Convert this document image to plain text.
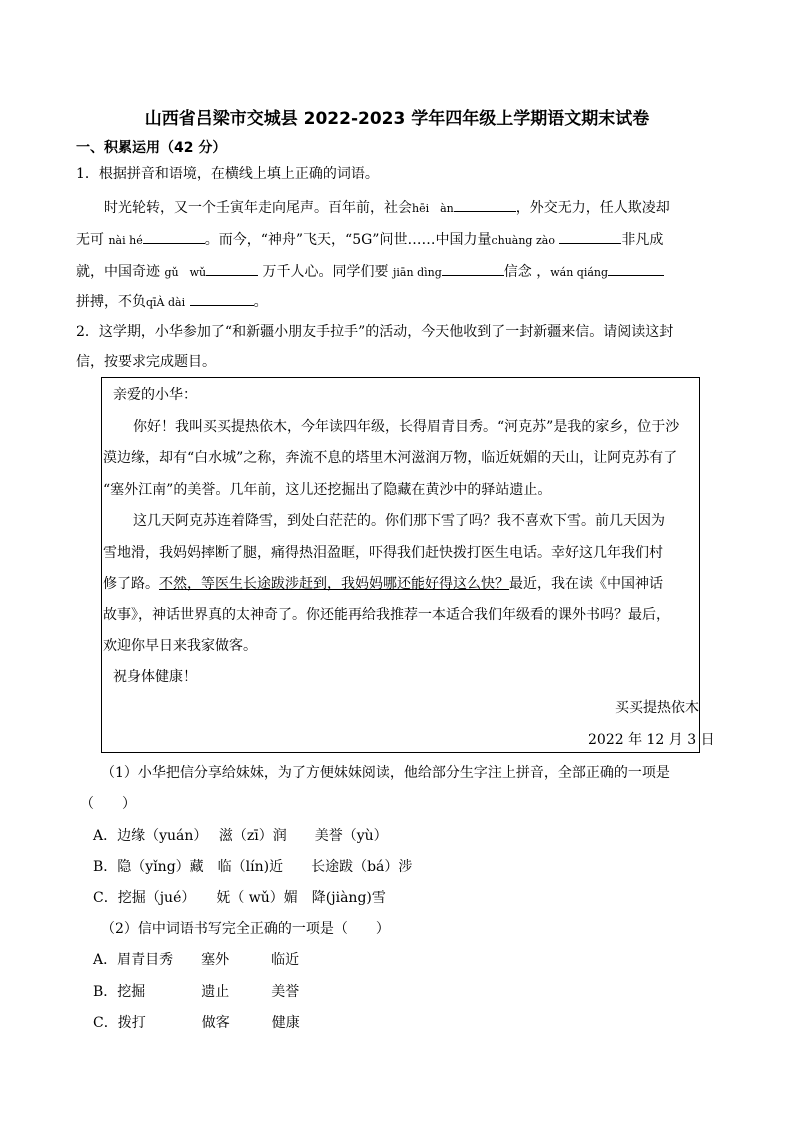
山西省吕梁市交城县 2022-2023 学年四年级上学期语文期末试卷
一、积累运用（42 分）
1．根据拼音和语境，在横线上填上正确的词语。
时光轮转，又一个壬寅年走向尾声。百年前，社会hēi　àn	，外交无力，任人欺凌却
无可 nài hé	。而今，“神舟”飞天，“5G”问世……中国力量chuàng zào	非凡成
就，中国奇迹 gǔ　wǔ	万千人心。同学们要 jiān dìng	信念 ，wán qiáng
拼搏，不负qīÀ dài	。
2．这学期，小华参加了“和新疆小朋友手拉手”的活动，今天他收到了一封新疆来信。请阅读这封
信，按要求完成题目。
亲爱的小华：
你好！我叫买买提热依木，今年读四年级，长得眉青目秀。“河克苏”是我的家乡，位于沙
漠边缘，却有“白水城”之称，奔流不息的塔里木河滋润万物，临近妩媚的天山，让阿克苏有了
“塞外江南”的美誉。几年前，这儿还挖掘出了隐藏在黄沙中的驿站遗止。
这几天阿克苏连着降雪，到处白茫茫的。你们那下雪了吗？我不喜欢下雪。前几天因为
雪地滑，我妈妈摔断了腿，痛得热泪盈眶，吓得我们赶快拨打医生电话。幸好这几年我们村
修了路。不然，等医生长途跋涉赶到，我妈妈哪还能好得这么快？最近，我在读《中国神话
故事》，神话世界真的太神奇了。你还能再给我推荐一本适合我们年级看的课外书吗？最后，
欢迎你早日来我家做客。
祝身体健康！
买买提热依木
2022 年 12 月 3 日
（1）小华把信分享给妹妹，为了方便妹妹阅读，他给部分生字注上拼音，全部正确的一项是
（　　）
A．边缘（yuán）　 滋（zī）润　　美誉（yù）
B．隐（yǐng）藏　临（lín)近　　长途跋（bá）涉
C．挖掘（jué）　　妩（ wǔ）媚　降(jiàng)雪
（2）信中词语书写完全正确的一项是（　　）
A．眉青目秀　　塞外　　　临近
B．挖掘　　　　遗止　　　美誉
C．拨打　　　　做客　　　健康
